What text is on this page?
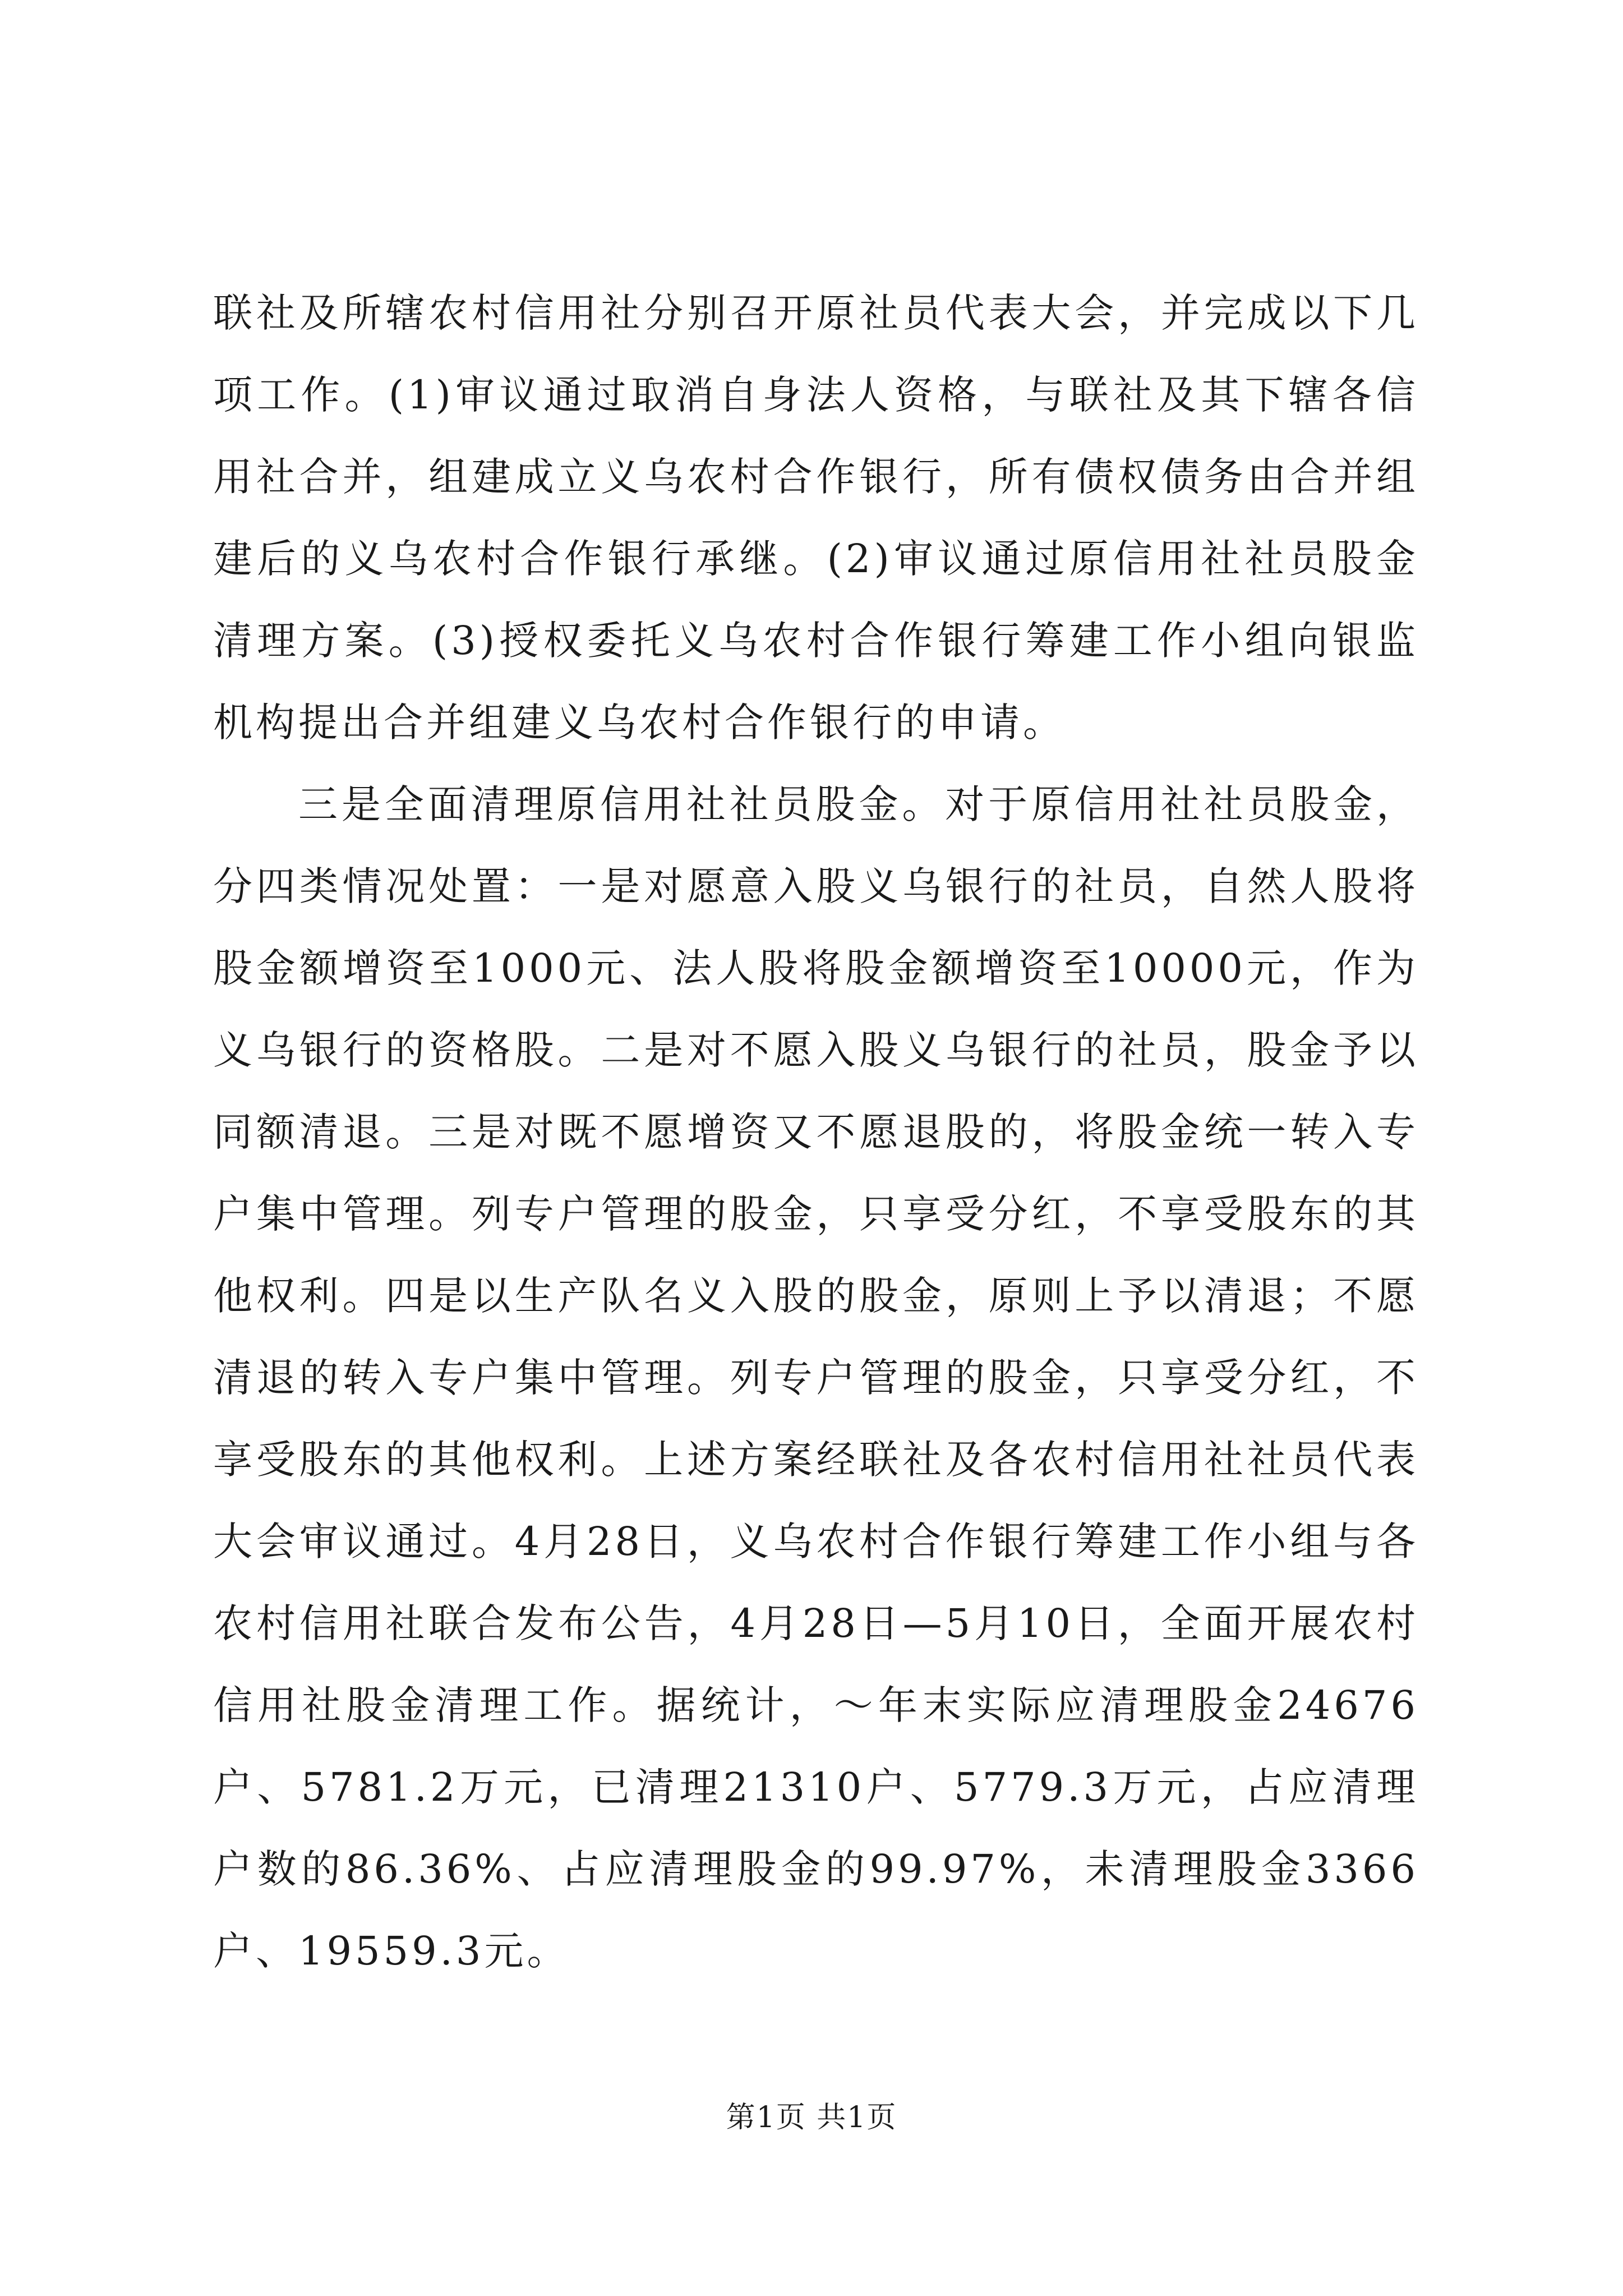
联社及所辖农村信用社分别召开原社员代表大会，并完成以下几项工作。(1)审议通过取消自身法人资格，与联社及其下辖各信用社合并，组建成立义乌农村合作银行，所有债权债务由合并组建后的义乌农村合作银行承继。(2)审议通过原信用社社员股金清理方案。(3)授权委托义乌农村合作银行筹建工作小组向银监机构提出合并组建义乌农村合作银行的申请。

三是全面清理原信用社社员股金。对于原信用社社员股金，分四类情况处置：一是对愿意入股义乌银行的社员，自然人股将股金额增资至1000元、法人股将股金额增资至10000元，作为义乌银行的资格股。二是对不愿入股义乌银行的社员，股金予以同额清退。三是对既不愿增资又不愿退股的，将股金统一转入专户集中管理。列专户管理的股金，只享受分红，不享受股东的其他权利。四是以生产队名义入股的股金，原则上予以清退；不愿清退的转入专户集中管理。列专户管理的股金，只享受分红，不享受股东的其他权利。上述方案经联社及各农村信用社社员代表大会审议通过。4月28日，义乌农村合作银行筹建工作小组与各农村信用社联合发布公告，4月28日—5月10日，全面开展农村信用社股金清理工作。据统计，～年末实际应清理股金24676户、5781.2万元，已清理21310户、5779.3万元，占应清理户数的86.36%、占应清理股金的99.97%，未清理股金3366户、19559.3元。

第1页 共1页
